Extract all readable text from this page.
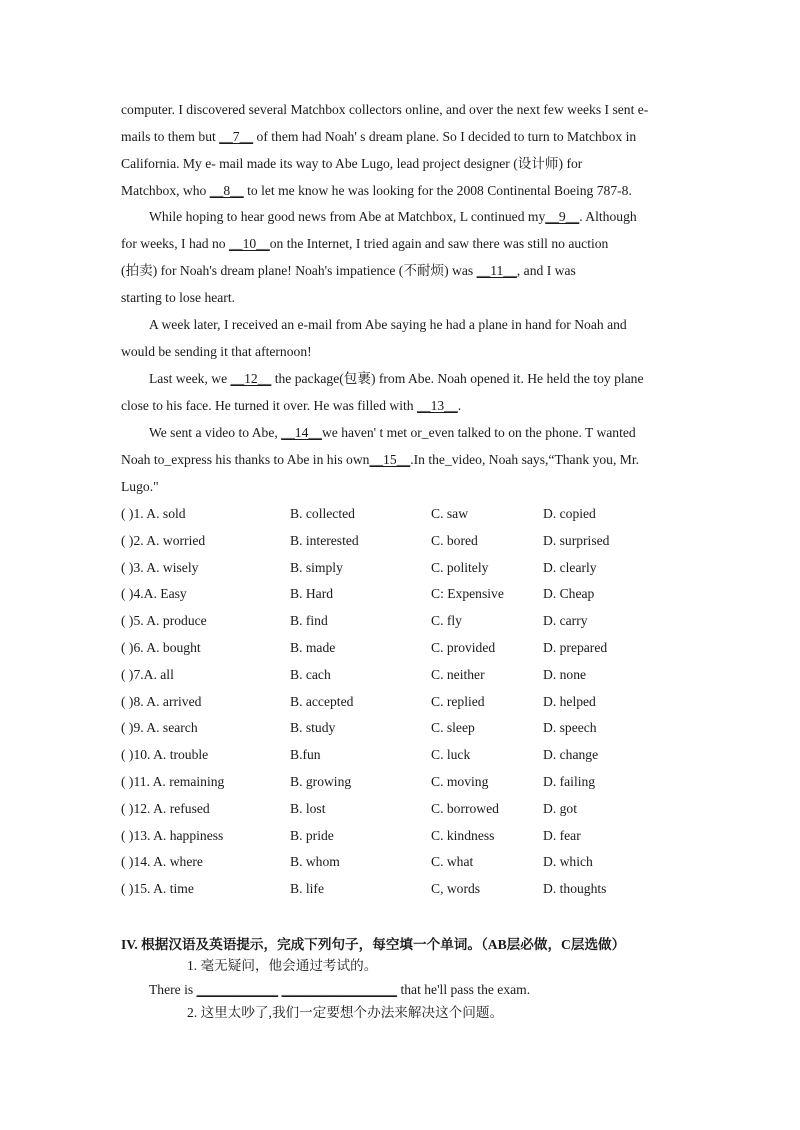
computer. I discovered several Matchbox collectors online, and over the next few weeks I sent e-
mails to them but __7__ of them had Noah' s dream plane. So I decided to turn to Matchbox in
California. My e- mail made its way to Abe Lugo, lead project designer (设计师) for
Matchbox, who __8__ to let me know he was looking for the 2008 Continental Boeing 787-8.
While hoping to hear good news from Abe at Matchbox, L continued my__9__. Although
for weeks, I had no __10__on the Internet, I tried again and saw there was still no auction
(拍卖) for Noah's dream plane! Noah's impatience (不耐烦) was __11__, and I was
starting to lose heart.
A week later, I received an e-mail from Abe saying he had a plane in hand for Noah and
would be sending it that afternoon!
Last week, we __12__ the package(包裹) from Abe. Noah opened it. He held the toy plane
close to his face. He turned it over. He was filled with __13__.
We sent a video to Abe, __14__we haven' t met or_even talked to on the phone. T wanted
Noah to_express his thanks to Abe in his own__15__.In the_video, Noah says,“Thank you, Mr.
Lugo."
( )1. A. sold	B. collected	C. saw	D. copied
( )2. A. worried	B. interested	C. bored	D. surprised
( )3. A. wisely	B. simply	C. politely	D. clearly
( )4.A. Easy	B. Hard	C: Expensive	D. Cheap
( )5. A. produce	B. find	C. fly	D. carry
( )6. A. bought	B. made	C. provided	D. prepared
( )7.A. all	B. cach	C. neither	D. none
( )8. A. arrived	B. accepted	C. replied	D. helped
( )9. A. search	B. study	C. sleep	D. speech
( )10. A. trouble	B.fun	C. luck	D. change
( )11. A. remaining	B. growing	C. moving	D. failing
( )12. A. refused	B. lost	C. borrowed	D. got
( )13. A. happiness	B. pride	C. kindness	D. fear
( )14. A. where	B. whom	C. what	D. which
( )15. A. time	B. life	C, words	D. thoughts
IV. 根据汉语及英语提示，完成下列句子，每空填一个单词。（AB层必做，C层选做）
1. 毫无疑问，他会通过考试的。
There is ____________ _________________ that he'll pass the exam.
2. 这里太吵了,我们一定要想个办法来解决这个问题。
